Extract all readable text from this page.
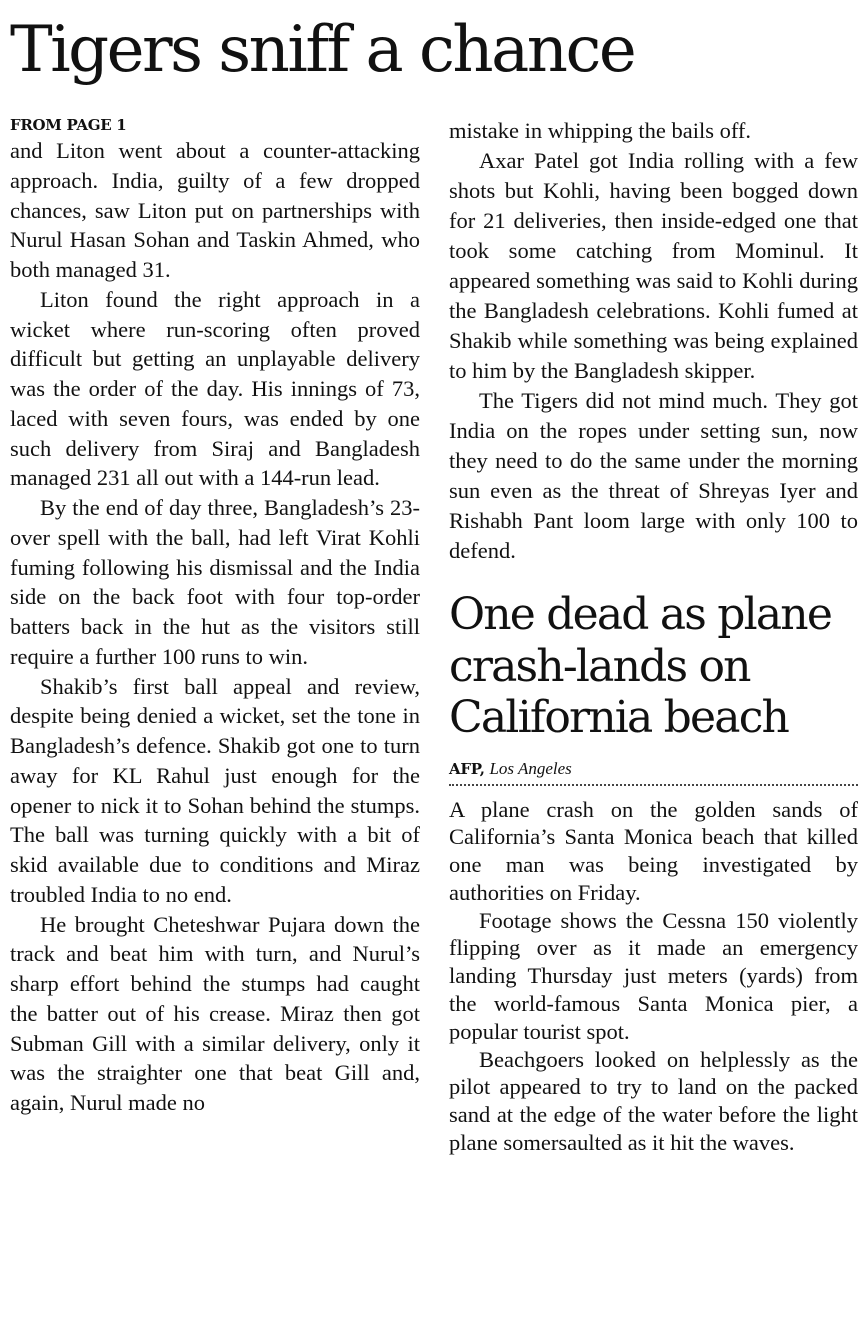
Tigers sniff a chance

FROM PAGE 1

and Liton went about a counter-attacking approach. India, guilty of a few dropped chances, saw Liton put on partnerships with Nurul Hasan Sohan and Taskin Ahmed, who both managed 31.

Liton found the right approach in a wicket where run-scoring often proved difficult but getting an unplayable delivery was the order of the day. His innings of 73, laced with seven fours, was ended by one such delivery from Siraj and Bangladesh managed 231 all out with a 144-run lead.

By the end of day three, Bangladesh’s 23-over spell with the ball, had left Virat Kohli fuming following his dismissal and the India side on the back foot with four top-order batters back in the hut as the visitors still require a further 100 runs to win.

Shakib’s first ball appeal and review, despite being denied a wicket, set the tone in Bangladesh’s defence. Shakib got one to turn away for KL Rahul just enough for the opener to nick it to Sohan behind the stumps. The ball was turning quickly with a bit of skid available due to conditions and Miraz troubled India to no end.

He brought Cheteshwar Pujara down the track and beat him with turn, and Nurul’s sharp effort behind the stumps had caught the batter out of his crease. Miraz then got Subman Gill with a similar delivery, only it was the straighter one that beat Gill and, again, Nurul made no

mistake in whipping the bails off.

Axar Patel got India rolling with a few shots but Kohli, having been bogged down for 21 deliveries, then inside-edged one that took some catching from Mominul. It appeared something was said to Kohli during the Bangladesh celebrations. Kohli fumed at Shakib while something was being explained to him by the Bangladesh skipper.

The Tigers did not mind much. They got India on the ropes under setting sun, now they need to do the same under the morning sun even as the threat of Shreyas Iyer and Rishabh Pant loom large with only 100 to defend.

One dead as plane crash-lands on California beach
AFP, Los Angeles

A plane crash on the golden sands of California’s Santa Monica beach that killed one man was being investigated by authorities on Friday.

Footage shows the Cessna 150 violently flipping over as it made an emergency landing Thursday just meters (yards) from the world-famous Santa Monica pier, a popular tourist spot.

Beachgoers looked on helplessly as the pilot appeared to try to land on the packed sand at the edge of the water before the light plane somersaulted as it hit the waves.
